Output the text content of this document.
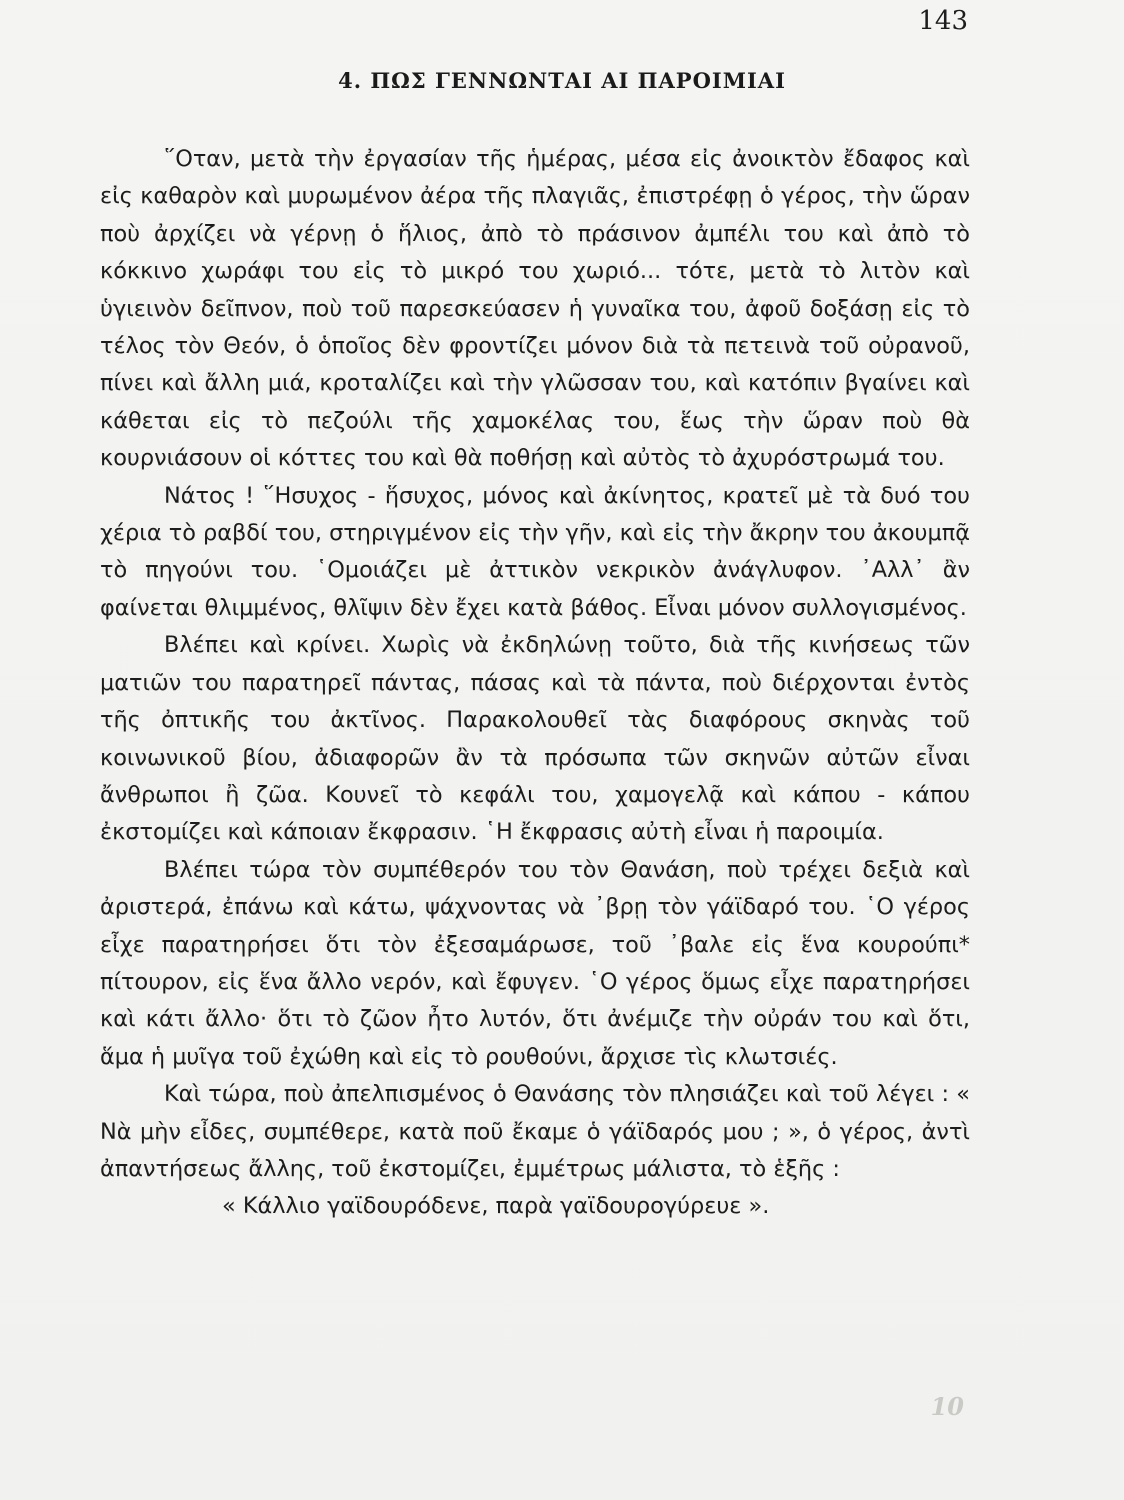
143
4. ΠΩΣ ΓΕΝΝΩΝΤΑΙ ΑΙ ΠΑΡΟΙΜΙΑΙ

῞Οταν, μετὰ τὴν ἐργασίαν τῆς ἡμέρας, μέσα εἰς ἀνοικτὸν ἔδαφος καὶ εἰς καθαρὸν καὶ μυρωμένον ἀέρα τῆς πλαγιᾶς, ἐπιστρέφῃ ὁ γέρος, τὴν ὥραν ποὺ ἀρχίζει νὰ γέρνῃ ὁ ἥλιος, ἀπὸ τὸ πράσινον ἀμπέλι του καὶ ἀπὸ τὸ κόκκινο χωράφι του εἰς τὸ μικρό του χωριό... τότε, μετὰ τὸ λιτὸν καὶ ὑγιεινὸν δεῖπνον, ποὺ τοῦ παρεσκεύασεν ἡ γυναῖκα του, ἀφοῦ δοξάσῃ εἰς τὸ τέλος τὸν Θεόν, ὁ ὁποῖος δὲν φροντίζει μόνον διὰ τὰ πετεινὰ τοῦ οὐρανοῦ, πίνει καὶ ἄλλη μιά, κροταλίζει καὶ τὴν γλῶσσαν του, καὶ κατόπιν βγαίνει καὶ κάθεται εἰς τὸ πεζούλι τῆς χαμοκέλας του, ἕως τὴν ὥραν ποὺ θὰ κουρνιάσουν οἱ κόττες του καὶ θὰ ποθήσῃ καὶ αὐτὸς τὸ ἀχυρόστρωμά του.

Νάτος ! ῞Ησυχος - ἥσυχος, μόνος καὶ ἀκίνητος, κρατεῖ μὲ τὰ δυό του χέρια τὸ ραβδί του, στηριγμένον εἰς τὴν γῆν, καὶ εἰς τὴν ἄκρην του ἀκουμπᾷ τὸ πηγούνι του. ῾Ομοιάζει μὲ ἀττικὸν νεκρικὸν ἀνάγλυφον. ᾿Αλλ᾿ ἂν φαίνεται θλιμμένος, θλῖψιν δὲν ἔχει κατὰ βάθος. Εἶναι μόνον συλλογισμένος.

Βλέπει καὶ κρίνει. Χωρὶς νὰ ἐκδηλώνῃ τοῦτο, διὰ τῆς κινήσεως τῶν ματιῶν του παρατηρεῖ πάντας, πάσας καὶ τὰ πάντα, ποὺ διέρχονται ἐντὸς τῆς ὀπτικῆς του ἀκτῖνος. Παρακολουθεῖ τὰς διαφόρους σκηνὰς τοῦ κοινωνικοῦ βίου, ἀδιαφορῶν ἂν τὰ πρόσωπα τῶν σκηνῶν αὐτῶν εἶναι ἄνθρωποι ἢ ζῶα. Κουνεῖ τὸ κεφάλι του, χαμογελᾷ καὶ κάπου - κάπου ἐκστομίζει καὶ κάποιαν ἔκφρασιν. ῾Η ἔκφρασις αὐτὴ εἶναι ἡ παροιμία.

Βλέπει τώρα τὸν συμπέθερόν του τὸν Θανάση, ποὺ τρέχει δεξιὰ καὶ ἀριστερά, ἐπάνω καὶ κάτω, ψάχνοντας νὰ ᾿βρῃ τὸν γάϊδαρό του. ῾Ο γέρος εἶχε παρατηρήσει ὅτι τὸν ἐξεσαμάρωσε, τοῦ ᾿βαλε εἰς ἕνα κουρούπι* πίτουρον, εἰς ἕνα ἄλλο νερόν, καὶ ἔφυγεν. ῾Ο γέρος ὅμως εἶχε παρατηρήσει καὶ κάτι ἄλλο· ὅτι τὸ ζῶον ἦτο λυτόν, ὅτι ἀνέμιζε τὴν οὐράν του καὶ ὅτι, ἅμα ἡ μυῖγα τοῦ ἐχώθη καὶ εἰς τὸ ρουθούνι, ἄρχισε τὶς κλωτσιές.

Καὶ τώρα, ποὺ ἀπελπισμένος ὁ Θανάσης τὸν πλησιάζει καὶ τοῦ λέγει : « Νὰ μὴν εἶδες, συμπέθερε, κατὰ ποῦ ἔκαμε ὁ γάϊδαρός μου ; », ὁ γέρος, ἀντὶ ἀπαντήσεως ἄλλης, τοῦ ἐκστομίζει, ἐμμέτρως μάλιστα, τὸ ἑξῆς :

« Κάλλιο γαϊδουρόδενε, παρὰ γαϊδουρογύρευε ».

10
